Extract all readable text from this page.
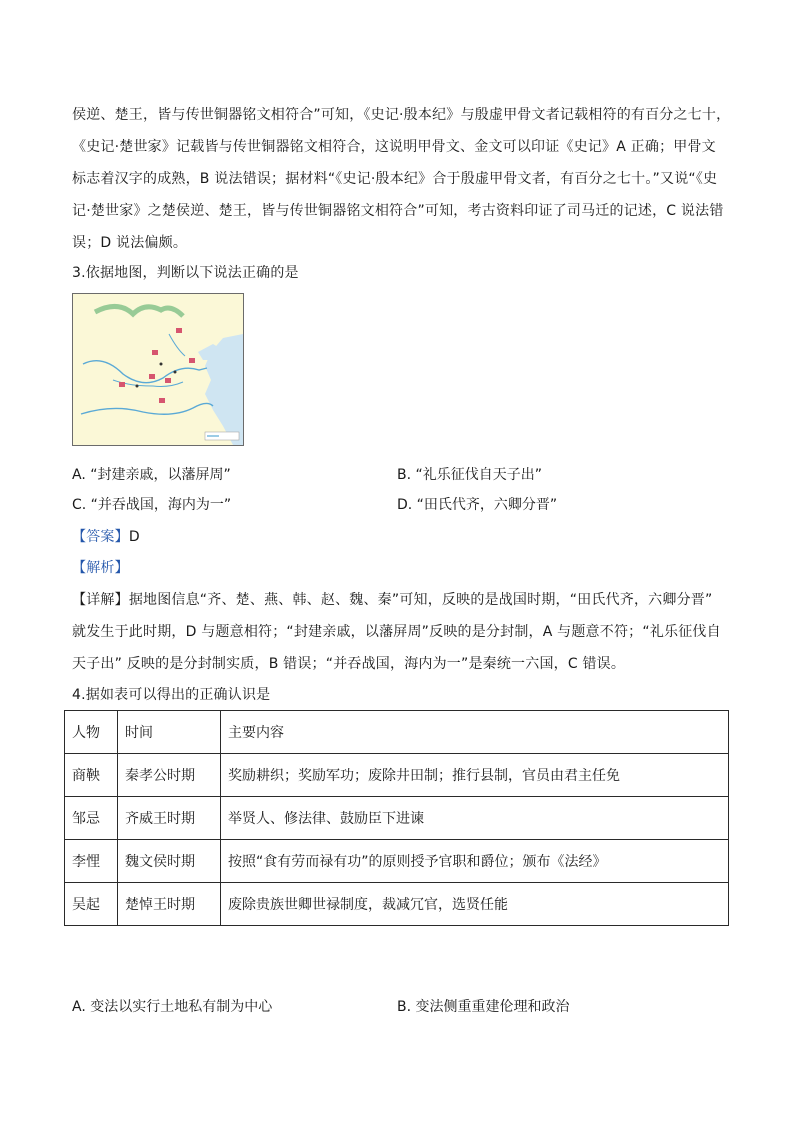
侯逆、楚王，皆与传世铜器铭文相符合”可知，《史记·殷本纪》与殷虚甲骨文者记载相符的有百分之七十，
《史记·楚世家》记载皆与传世铜器铭文相符合，这说明甲骨文、金文可以印证《史记》A 正确；甲骨文
标志着汉字的成熟，B 说法错误；据材料“《史记·殷本纪》合于殷虚甲骨文者，有百分之七十。”又说“《史
记·楚世家》之楚侯逆、楚王，皆与传世铜器铭文相符合”可知，考古资料印证了司马迁的记述，C 说法错
误；D 说法偏颇。
3.依据地图，判断以下说法正确的是
A. “封建亲戚，以藩屏周”	B. “礼乐征伐自天子出”
C. “并吞战国，海内为一”	D. “田氏代齐，六卿分晋”
【答案】D
【解析】
【详解】据地图信息“齐、楚、燕、韩、赵、魏、秦”可知，反映的是战国时期，“田氏代齐，六卿分晋”
就发生于此时期，D 与题意相符；“封建亲戚，以藩屏周”反映的是分封制，A 与题意不符；“礼乐征伐自
天子出” 反映的是分封制实质，B 错误；“并吞战国，海内为一”是秦统一六国，C 错误。
4.据如表可以得出的正确认识是
人物	时间	主要内容
商鞅	秦孝公时期	奖励耕织；奖励军功；废除井田制；推行县制，官员由君主任免
邹忌	齐威王时期	举贤人、修法律、鼓励臣下进谏
李悝	魏文侯时期	按照“食有劳而禄有功”的原则授予官职和爵位；颁布《法经》
吴起	楚悼王时期	废除贵族世卿世禄制度，裁减冗官，选贤任能
A. 变法以实行土地私有制为中心	B. 变法侧重重建伦理和政治
